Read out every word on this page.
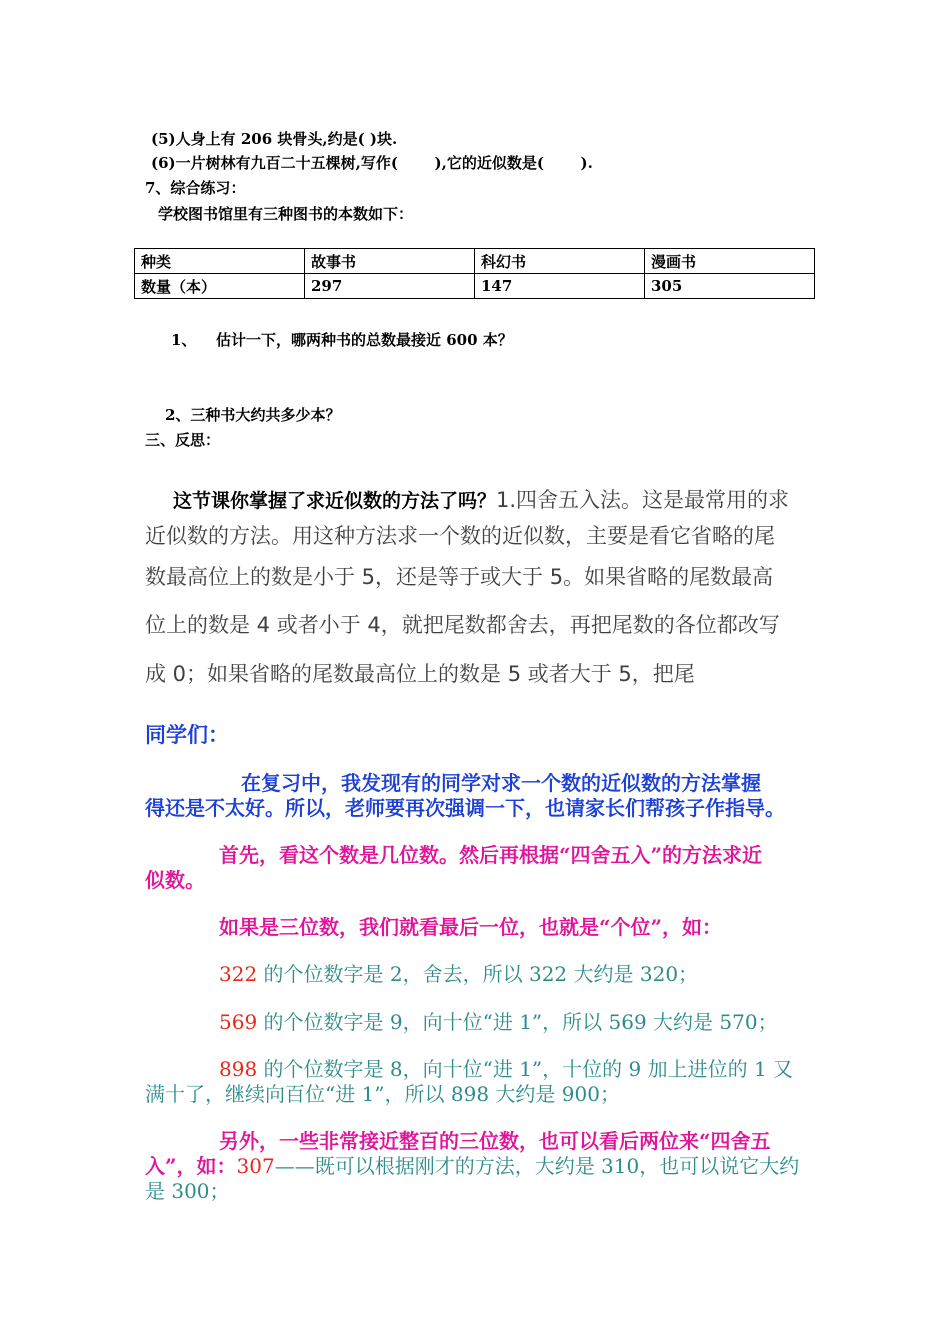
(5)人身上有 206 块骨头,约是( )块.
(6)一片树林有九百二十五棵树,写作(       ),它的近似数是(       ).
7、综合练习：
学校图书馆里有三种图书的本数如下：
种类	故事书	科幻书	漫画书
数量（本）	297	147	305
1、 估计一下，哪两种书的总数最接近 600 本？
2、三种书大约共多少本？
三、反思：
这节课你掌握了求近似数的方法了吗？1.四舍五入法。这是最常用的求
近似数的方法。用这种方法求一个数的近似数，主要是看它省略的尾
数最高位上的数是小于 5，还是等于或大于 5。如果省略的尾数最高
位上的数是 4 或者小于 4，就把尾数都舍去，再把尾数的各位都改写
成 0；如果省略的尾数最高位上的数是 5 或者大于 5，把尾
同学们：
在复习中，我发现有的同学对求一个数的近似数的方法掌握
得还是不太好。所以，老师要再次强调一下，也请家长们帮孩子作指导。
首先，看这个数是几位数。然后再根据“四舍五入”的方法求近
似数。
如果是三位数，我们就看最后一位，也就是“个位”，如：
322 的个位数字是 2，舍去，所以 322 大约是 320；
569 的个位数字是 9，向十位“进 1”，所以 569 大约是 570；
898 的个位数字是 8，向十位“进 1”，十位的 9 加上进位的 1 又
满十了，继续向百位“进 1”，所以 898 大约是 900；
另外，一些非常接近整百的三位数，也可以看后两位来“四舍五
入”，如：307——既可以根据刚才的方法，大约是 310，也可以说它大约
是 300；
